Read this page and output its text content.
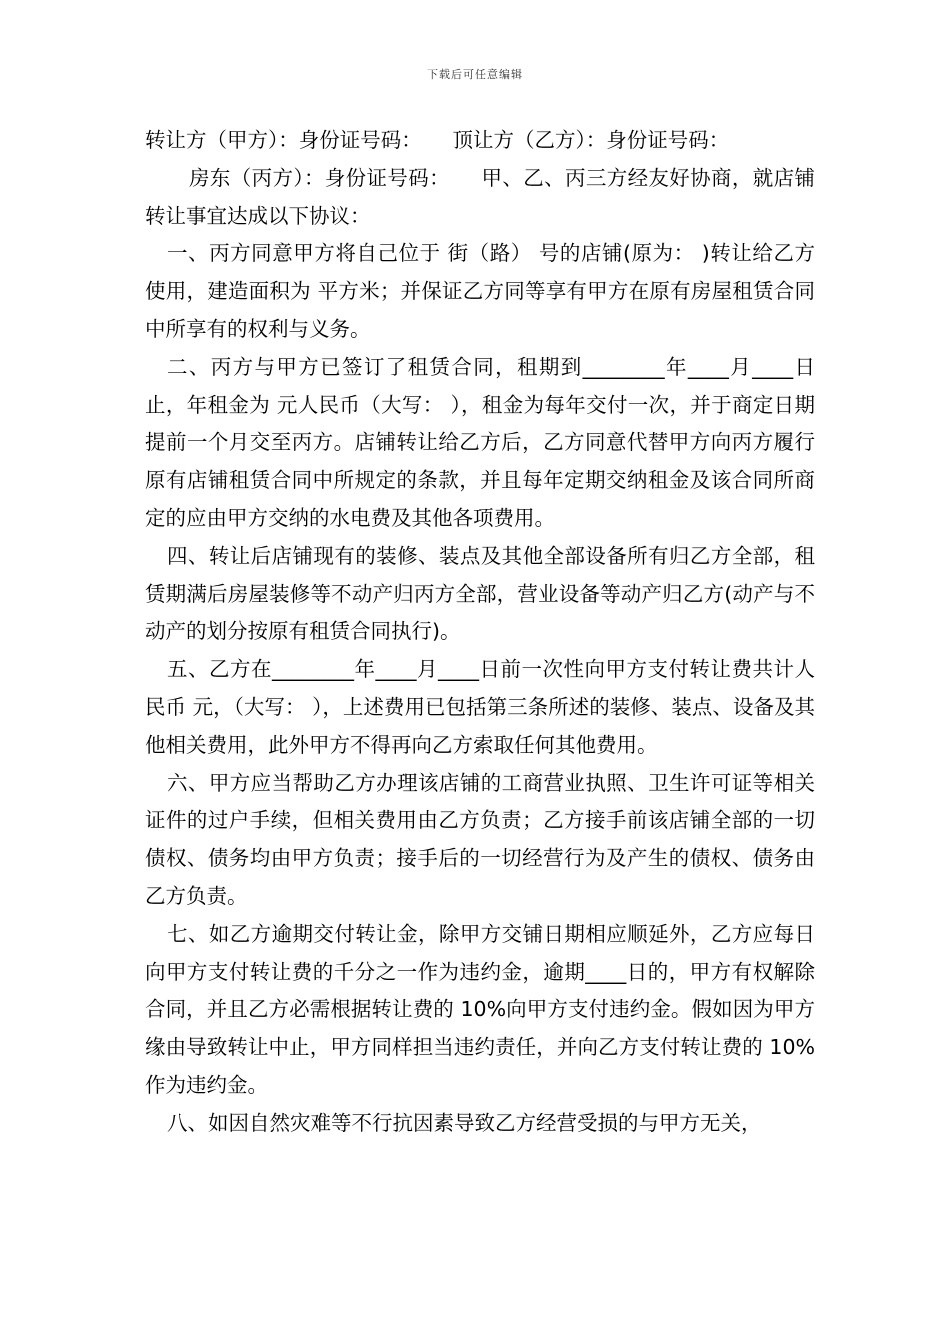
下载后可任意编辑

转让方（甲方）：身份证号码：　　顶让方（乙方）：身份证号码：

房东（丙方）：身份证号码：　　甲、乙、丙三方经友好协商，就店铺转让事宜达成以下协议：

一、丙方同意甲方将自己位于 街（路） 号的店铺(原为： )转让给乙方使用，建造面积为 平方米；并保证乙方同等享有甲方在原有房屋租赁合同中所享有的权利与义务。

二、丙方与甲方已签订了租赁合同，租期到________年____月____日止，年租金为 元人民币（大写： ），租金为每年交付一次，并于商定日期提前一个月交至丙方。店铺转让给乙方后，乙方同意代替甲方向丙方履行原有店铺租赁合同中所规定的条款，并且每年定期交纳租金及该合同所商定的应由甲方交纳的水电费及其他各项费用。

四、转让后店铺现有的装修、装点及其他全部设备所有归乙方全部，租赁期满后房屋装修等不动产归丙方全部，营业设备等动产归乙方(动产与不动产的划分按原有租赁合同执行)。

五、乙方在________年____月____日前一次性向甲方支付转让费共计人民币 元，（大写： ），上述费用已包括第三条所述的装修、装点、设备及其他相关费用，此外甲方不得再向乙方索取任何其他费用。

六、甲方应当帮助乙方办理该店铺的工商营业执照、卫生许可证等相关证件的过户手续，但相关费用由乙方负责；乙方接手前该店铺全部的一切债权、债务均由甲方负责；接手后的一切经营行为及产生的债权、债务由乙方负责。

七、如乙方逾期交付转让金，除甲方交铺日期相应顺延外，乙方应每日向甲方支付转让费的千分之一作为违约金，逾期____日的，甲方有权解除合同，并且乙方必需根据转让费的 10%向甲方支付违约金。假如因为甲方缘由导致转让中止，甲方同样担当违约责任，并向乙方支付转让费的 10%作为违约金。

八、如因自然灾难等不行抗因素导致乙方经营受损的与甲方无关，
